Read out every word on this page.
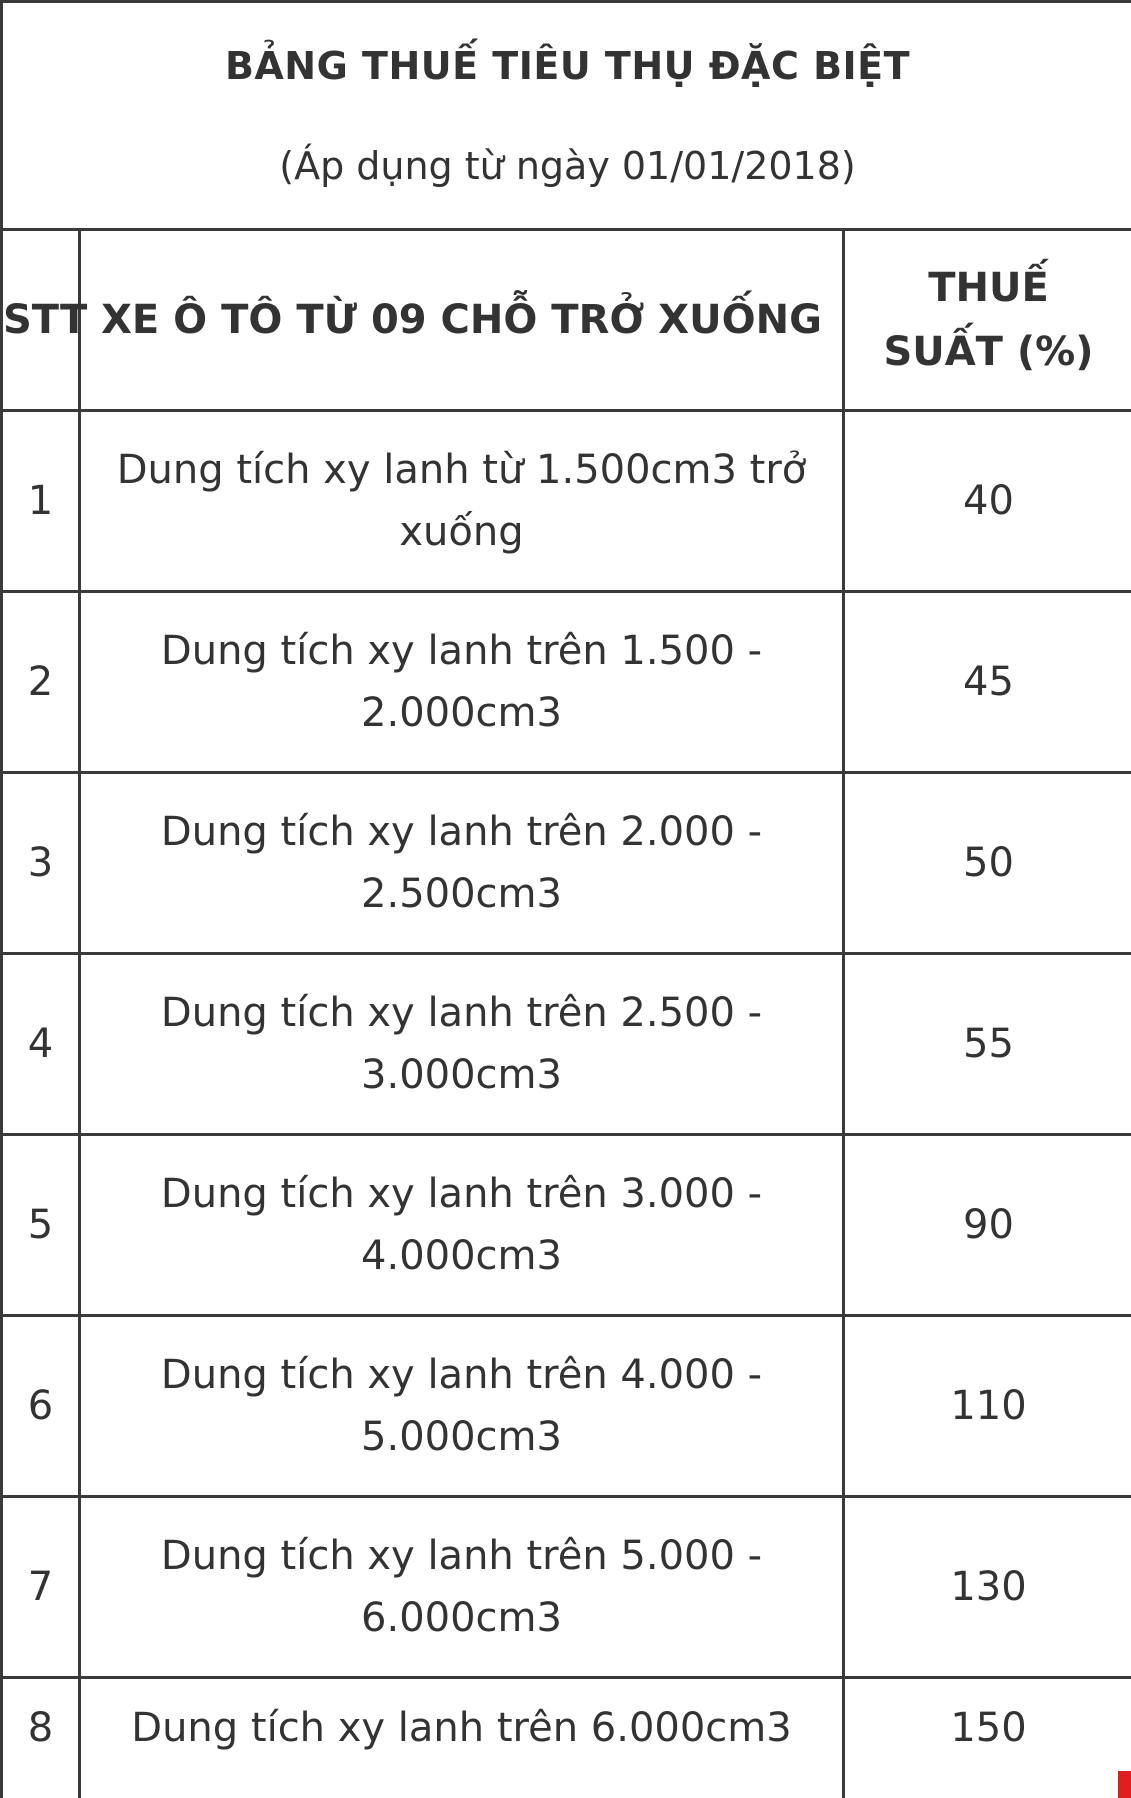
BẢNG THUẾ TIÊU THỤ ĐẶC BIỆT
(Áp dụng từ ngày 01/01/2018)		

STT	XE Ô TÔ TỪ 09 CHỖ TRỞ XUỐNG	THUẾ SUẤT (%)
1	Dung tích xy lanh từ 1.500cm3 trở xuống	40
2	Dung tích xy lanh trên 1.500 - 2.000cm3	45
3	Dung tích xy lanh trên 2.000 - 2.500cm3	50
4	Dung tích xy lanh trên 2.500 - 3.000cm3	55
5	Dung tích xy lanh trên 3.000 - 4.000cm3	90
6	Dung tích xy lanh trên 4.000 - 5.000cm3	110
7	Dung tích xy lanh trên 5.000 - 6.000cm3	130
8	Dung tích xy lanh trên 6.000cm3	150
